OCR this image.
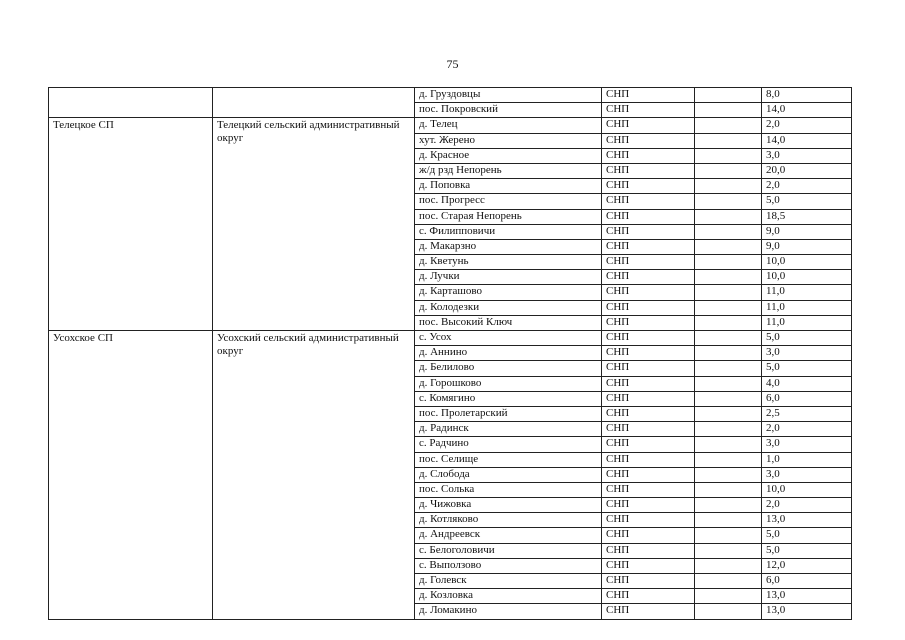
75
		д. Груздовцы	СНП		8,0
		пос. Покровский	СНП		14,0
Телецкое СП	Телецкий сельский административный округ	д. Телец	СНП		2,0
		хут. Жерено	СНП		14,0
		д. Красное	СНП		3,0
		ж/д рзд Непорень	СНП		20,0
		д. Поповка	СНП		2,0
		пос. Прогресс	СНП		5,0
		пос. Старая Непорень	СНП		18,5
		с. Филипповичи	СНП		9,0
		д. Макарзно	СНП		9,0
		д. Кветунь	СНП		10,0
		д. Лучки	СНП		10,0
		д. Карташово	СНП		11,0
		д. Колодезки	СНП		11,0
		пос. Высокий Ключ	СНП		11,0
Усохское СП	Усохский сельский административный округ	с. Усох	СНП		5,0
		д. Аннино	СНП		3,0
		д. Белилово	СНП		5,0
		д. Горошково	СНП		4,0
		с. Комягино	СНП		6,0
		пос. Пролетарский	СНП		2,5
		д. Радинск	СНП		2,0
		с. Радчино	СНП		3,0
		пос. Селище	СНП		1,0
		д. Слобода	СНП		3,0
		пос. Солька	СНП		10,0
		д. Чижовка	СНП		2,0
		д. Котляково	СНП		13,0
		д. Андреевск	СНП		5,0
		с. Белоголовичи	СНП		5,0
		с. Выползово	СНП		12,0
		д. Голевск	СНП		6,0
		д. Козловка	СНП		13,0
		д. Ломакино	СНП		13,0
